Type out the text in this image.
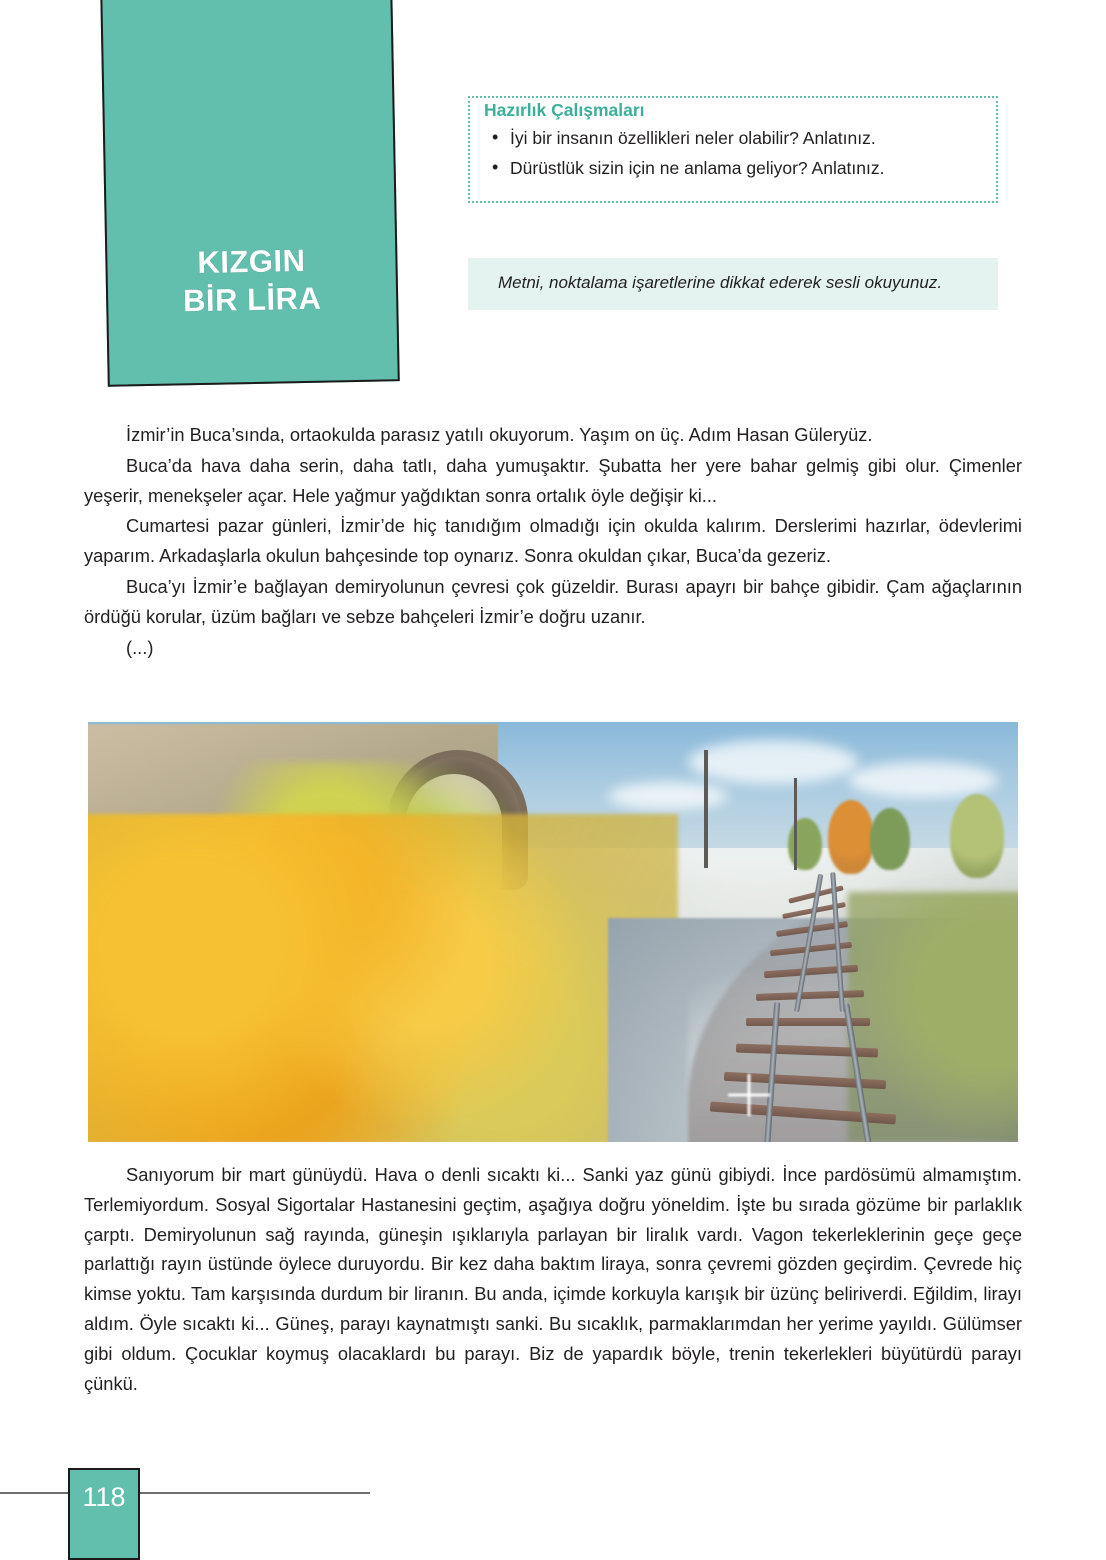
KIZGIN
BİR LİRA
• İyi bir insanın özellikleri neler olabilir? Anlatınız.
• Dürüstlük sizin için ne anlama geliyor? Anlatınız.
Hazırlık Çalışmaları
Metni, noktalama işaretlerine dikkat ederek sesli okuyunuz.

İzmir’in Buca’sında, ortaokulda parasız yatılı okuyorum. Yaşım on üç. Adım Hasan Güleryüz.

Buca’da hava daha serin, daha tatlı, daha yumuşaktır. Şubatta her yere bahar gelmiş gibi olur. Çimenler yeşerir, menekşeler açar. Hele yağmur yağdıktan sonra ortalık öyle değişir ki...

Cumartesi pazar günleri, İzmir’de hiç tanıdığım olmadığı için okulda kalırım. Derslerimi hazırlar, ödevlerimi yaparım. Arkadaşlarla okulun bahçesinde top oynarız. Sonra okuldan çıkar, Buca’da gezeriz.

Buca’yı İzmir’e bağlayan demiryolunun çevresi çok güzeldir. Burası apayrı bir bahçe gibidir. Çam ağaçlarının ördüğü korular, üzüm bağları ve sebze bahçeleri İzmir’e doğru uzanır.

(...)

Sanıyorum bir mart günüydü. Hava o denli sıcaktı ki... Sanki yaz günü gibiydi. İnce pardösümü almamıştım. Terlemiyordum. Sosyal Sigortalar Hastanesini geçtim, aşağıya doğru yöneldim. İşte bu sırada gözüme bir parlaklık çarptı. Demiryolunun sağ rayında, güneşin ışıklarıyla parlayan bir liralık vardı. Vagon tekerleklerinin geçe geçe parlattığı rayın üstünde öylece duruyordu. Bir kez daha baktım liraya, sonra çevremi gözden geçirdim. Çevrede hiç kimse yoktu. Tam karşısında durdum bir liranın. Bu anda, içimde korkuyla karışık bir üzünç beliriverdi. Eğildim, lirayı aldım. Öyle sıcaktı ki... Güneş, parayı kaynatmıştı sanki. Bu sıcaklık, parmaklarımdan her yerime yayıldı. Gülümser gibi oldum. Çocuklar koymuş olacaklardı bu parayı. Biz de yapardık böyle, trenin tekerlekleri büyütürdü parayı çünkü.

118
